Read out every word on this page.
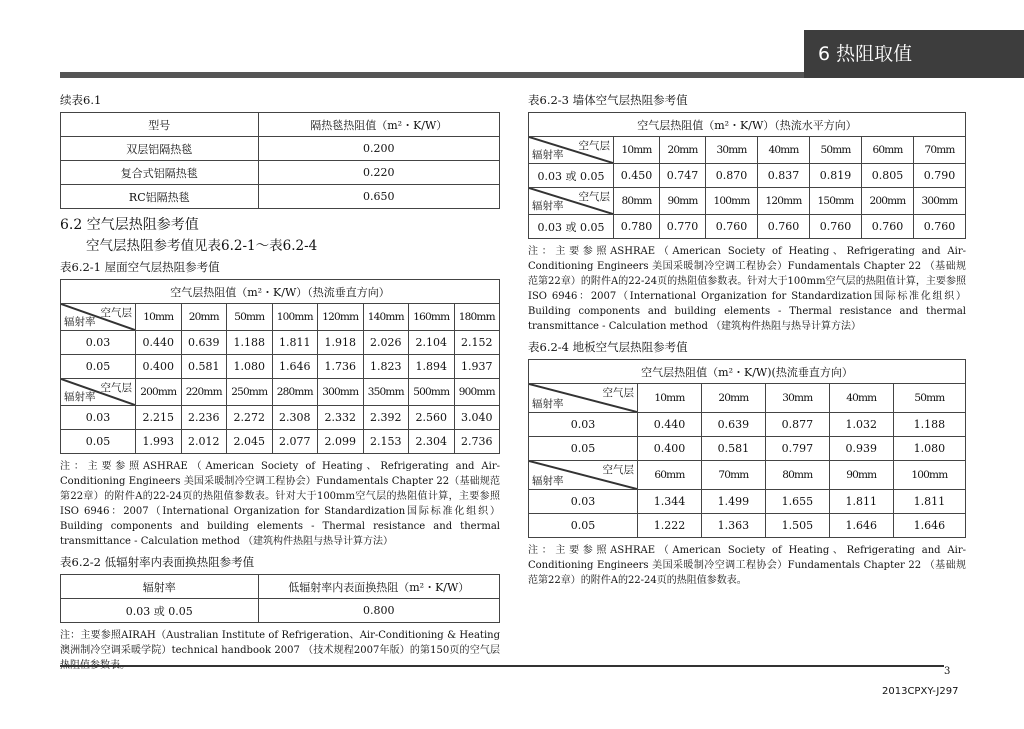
6 热阻取值
续表6.1
型号	隔热毯热阻值（m²・K/W）
双层铝隔热毯	0.200
复合式铝隔热毯	0.220
RC铝隔热毯	0.650
6.2 空气层热阻参考值
空气层热阻参考值见表6.2-1～表6.2-4
表6.2-1 屋面空气层热阻参考值
空气层热阻值（m²・K/W）（热流垂直方向）								

空气层
辐射率	10mm	20mm	50mm	100mm	120mm	140mm	160mm	180mm
0.03	0.440	0.639	1.188	1.811	1.918	2.026	2.104	2.152
0.05	0.400	0.581	1.080	1.646	1.736	1.823	1.894	1.937

空气层
辐射率	200mm	220mm	250mm	280mm	300mm	350mm	500mm	900mm
0.03	2.215	2.236	2.272	2.308	2.332	2.392	2.560	3.040
0.05	1.993	2.012	2.045	2.077	2.099	2.153	2.304	2.736
注：主要参照ASHRAE（American Society of Heating、Refrigerating and Air-Conditioning Engineers 美国采暖制冷空调工程协会）Fundamentals Chapter 22（基础规范第22章）的附件A的22-24页的热阻值参数表。针对大于100mm空气层的热阻值计算，主要参照ISO 6946：2007（International Organization for Standardization国际标准化组织）Building components and building elements - Thermal resistance and thermal transmittance - Calculation method （建筑构件热阻与热导计算方法）
表6.2-2 低辐射率内表面换热阻参考值
辐射率	低辐射率内表面换热阻（m²・K/W）
0.03 或 0.05	0.800
注：主要参照AIRAH（Australian Institute of Refrigeration、Air-Conditioning & Heating 澳洲制冷空调采暖学院）technical handbook 2007 （技术规程2007年版）的第150页的空气层
表6.2-3 墙体空气层热阻参考值
空气层热阻值（m²・K/W）（热流水平方向）							

空气层
辐射率	10mm	20mm	30mm	40mm	50mm	60mm	70mm
0.03 或 0.05	0.450	0.747	0.870	0.837	0.819	0.805	0.790

空气层
辐射率	80mm	90mm	100mm	120mm	150mm	200mm	300mm
0.03 或 0.05	0.780	0.770	0.760	0.760	0.760	0.760	0.760
注：主要参照ASHRAE（American Society of Heating、Refrigerating and Air-Conditioning Engineers 美国采暖制冷空调工程协会）Fundamentals Chapter 22 （基础规范第22章）的附件A的22-24页的热阻值参数表。针对大于100mm空气层的热阻值计算，主要参照ISO 6946：2007（International Organization for Standardization国际标准化组织）Building components and building elements - Thermal resistance and thermal transmittance - Calculation method （建筑构件热阻与热导计算方法）
表6.2-4 地板空气层热阻参考值
空气层热阻值（m²・K/W)(热流垂直方向）					

空气层
辐射率	10mm	20mm	30mm	40mm	50mm
0.03	0.440	0.639	0.877	1.032	1.188
0.05	0.400	0.581	0.797	0.939	1.080

空气层
辐射率	60mm	70mm	80mm	90mm	100mm
0.03	1.344	1.499	1.655	1.811	1.811
0.05	1.222	1.363	1.505	1.646	1.646
注：主要参照ASHRAE（American Society of Heating、Refrigerating and Air-Conditioning Engineers 美国采暖制冷空调工程协会）Fundamentals Chapter 22 （基础规范第22章）的附件A的22-24页的热阻值参数表。
3
2013CPXY-J297
